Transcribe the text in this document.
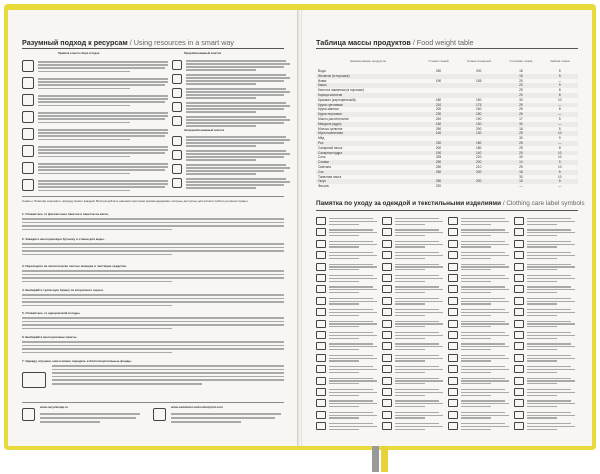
Разумный подход к ресурсам / Using resources in a smart way
Правила и места сбора отходов	Перерабатываемый пластик
Неперерабатываемый пластик
Советы. Помогая сохранить природу может каждый. Воспользуйтесь нашими простыми рекомендациями, которые доступны для жителя любого региона страны.
1. Откажитесь от фасовочных пакетов и пакетов на кассе.
2. Заведите многоразовую бутылку и стакан для воды.
3. Переходите на экологически чистые моющие и чистящие средства.
4. Выбирайте туалетную бумагу из вторичного сырья.
5. Откажитесь от одноразовой посуды.
6. Выбирайте многоразовые пакеты.
7. Одежду, игрушки, книги можно передать в благотворительные фонды.
www.recyclemap.ru	www.calculator.carbonfootprint.com
Таблица массы продуктов / Food weight table
Наименование продуктов	Стакан тонкий	Стакан граненый	Столовая ложка	Чайная ложка
Вода	250	200	18	5
Желатин (в порошке)			15	5
Изюм	190	155	25	—
Какао			20	9
Кислота лимонная (в порошке)			25	8
Корица молотая			20	8
Крахмал (картофельный)	180	150	30	10
Крупа гречневая	210	175	25	—
Крупа манная	200	160	25	8
Крупа перловая	230	180	25	—
Масло растительное	240	190	17	5
Миндаль (ядро)	160	130	30	—
Молоко цельное	250	200	18	5
Мука пшеничная	160	130	25	10
Мёд			30	9
Рис	230	180	25	—
Сахарный песок	200	180	25	8
Сахарная пудра	190	140	25	10
Соль	325	220	30	10
Сливки	250	200	14	5
Сметана	250	210	25	10
Сок	250	200	18	5
Томатная паста			30	10
Уксус	250	200	15	5
Фасоль	220		—	—
Памятка по уходу за одеждой и текстильными изделиями / Clothing care label symbols
